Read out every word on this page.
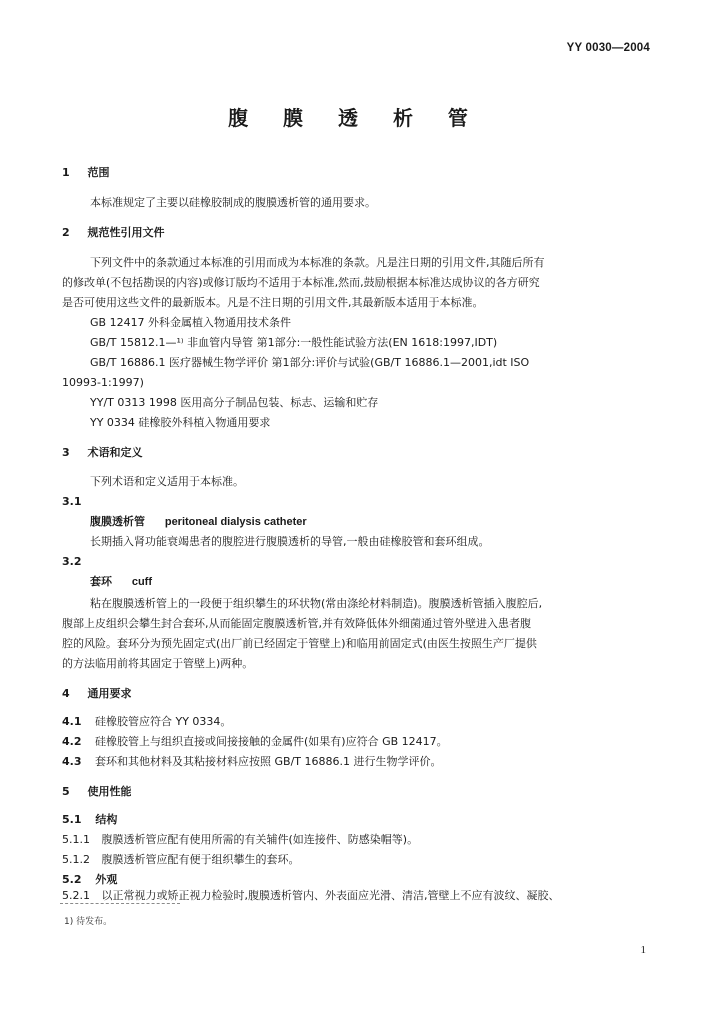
YY 0030—2004
腹 膜 透 析 管
1 范围
本标准规定了主要以硅橡胶制成的腹膜透析管的通用要求。
2 规范性引用文件
下列文件中的条款通过本标准的引用而成为本标准的条款。凡是注日期的引用文件,其随后所有
的修改单(不包括勘误的内容)或修订版均不适用于本标准,然而,鼓励根据本标准达成协议的各方研究
是否可使用这些文件的最新版本。凡是不注日期的引用文件,其最新版本适用于本标准。
GB 12417 外科金属植入物通用技术条件
GB/T 15812.1—¹⁾ 非血管内导管 第1部分:一般性能试验方法(EN 1618:1997,IDT)
GB/T 16886.1 医疗器械生物学评价 第1部分:评价与试验(GB/T 16886.1—2001,idt ISO
10993-1:1997)
YY/T 0313 1998 医用高分子制品包装、标志、运输和贮存
YY 0334 硅橡胶外科植入物通用要求
3 术语和定义
下列术语和定义适用于本标准。
3.1
腹膜透析管 peritoneal dialysis catheter
长期插入肾功能衰竭患者的腹腔进行腹膜透析的导管,一般由硅橡胶管和套环组成。
3.2
套环 cuff
粘在腹膜透析管上的一段便于组织攀生的环状物(常由涤纶材料制造)。腹膜透析管插入腹腔后,
腹部上皮组织会攀生封合套环,从而能固定腹膜透析管,并有效降低体外细菌通过管外壁进入患者腹
腔的风险。套环分为预先固定式(出厂前已经固定于管壁上)和临用前固定式(由医生按照生产厂提供
的方法临用前将其固定于管壁上)两种。
4 通用要求
4.1 硅橡胶管应符合 YY 0334。
4.2 硅橡胶管上与组织直接或间接接触的金属件(如果有)应符合 GB 12417。
4.3 套环和其他材料及其粘接材料应按照 GB/T 16886.1 进行生物学评价。
5 使用性能
5.1 结构
5.1.1 腹膜透析管应配有使用所需的有关辅件(如连接件、防感染帽等)。
5.1.2 腹膜透析管应配有便于组织攀生的套环。
5.2 外观
5.2.1 以正常视力或矫正视力检验时,腹膜透析管内、外表面应光滑、清洁,管壁上不应有波纹、凝胶、
1) 待发布。
1
